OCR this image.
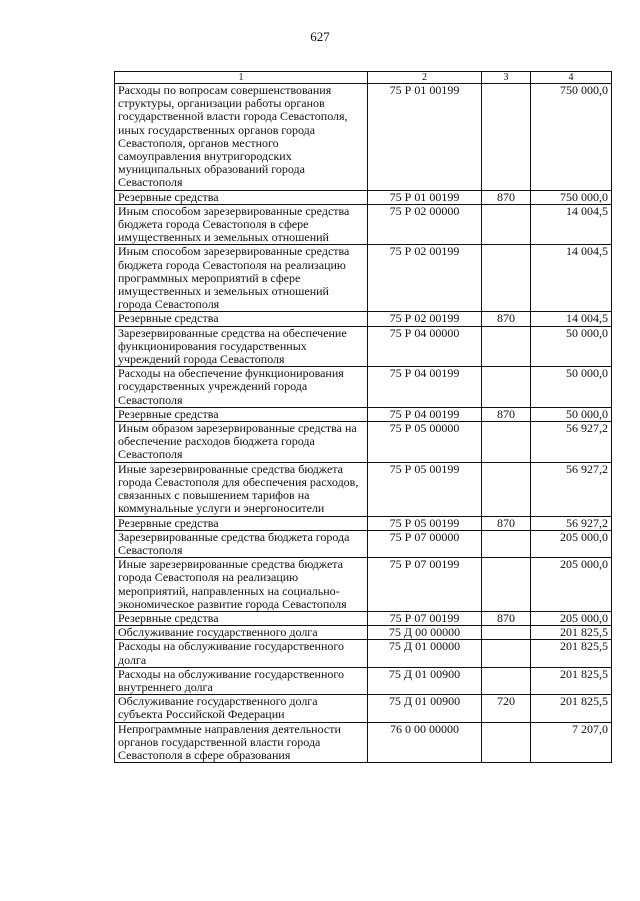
627
1	2	3	4
Расходы по вопросам совершенствования структуры, организации работы органов государственной власти города Севастополя, иных государственных органов города Севастополя, органов местного самоуправления внутригородских муниципальных образований города Севастополя	75 Р 01 00199		750 000,0
Резервные средства	75 Р 01 00199	870	750 000,0
Иным способом зарезервированные средства бюджета города Севастополя в сфере имущественных и земельных отношений	75 Р 02 00000		14 004,5
Иным способом зарезервированные средства бюджета города Севастополя на реализацию программных мероприятий в сфере имущественных и земельных отношений города Севастополя	75 Р 02 00199		14 004,5
Резервные средства	75 Р 02 00199	870	14 004,5
Зарезервированные средства на обеспечение функционирования государственных учреждений города Севастополя	75 Р 04 00000		50 000,0
Расходы на обеспечение функционирования государственных учреждений города Севастополя	75 Р 04 00199		50 000,0
Резервные средства	75 Р 04 00199	870	50 000,0
Иным образом зарезервированные средства на обеспечение расходов бюджета города Севастополя	75 Р 05 00000		56 927,2
Иные зарезервированные средства бюджета города Севастополя для обеспечения расходов, связанных с повышением тарифов на коммунальные услуги и энергоносители	75 Р 05 00199		56 927,2
Резервные средства	75 Р 05 00199	870	56 927,2
Зарезервированные средства бюджета города Севастополя	75 Р 07 00000		205 000,0
Иные зарезервированные средства бюджета города Севастополя на реализацию мероприятий, направленных на социально-экономическое развитие города Севастополя	75 Р 07 00199		205 000,0
Резервные средства	75 Р 07 00199	870	205 000,0
Обслуживание государственного долга	75 Д 00 00000		201 825,5
Расходы на обслуживание государственного долга	75 Д 01 00000		201 825,5
Расходы на обслуживание государственного внутреннего долга	75 Д 01 00900		201 825,5
Обслуживание государственного долга субъекта Российской Федерации	75 Д 01 00900	720	201 825,5
Непрограммные направления деятельности органов государственной власти города Севастополя в сфере образования	76 0 00 00000		7 207,0
